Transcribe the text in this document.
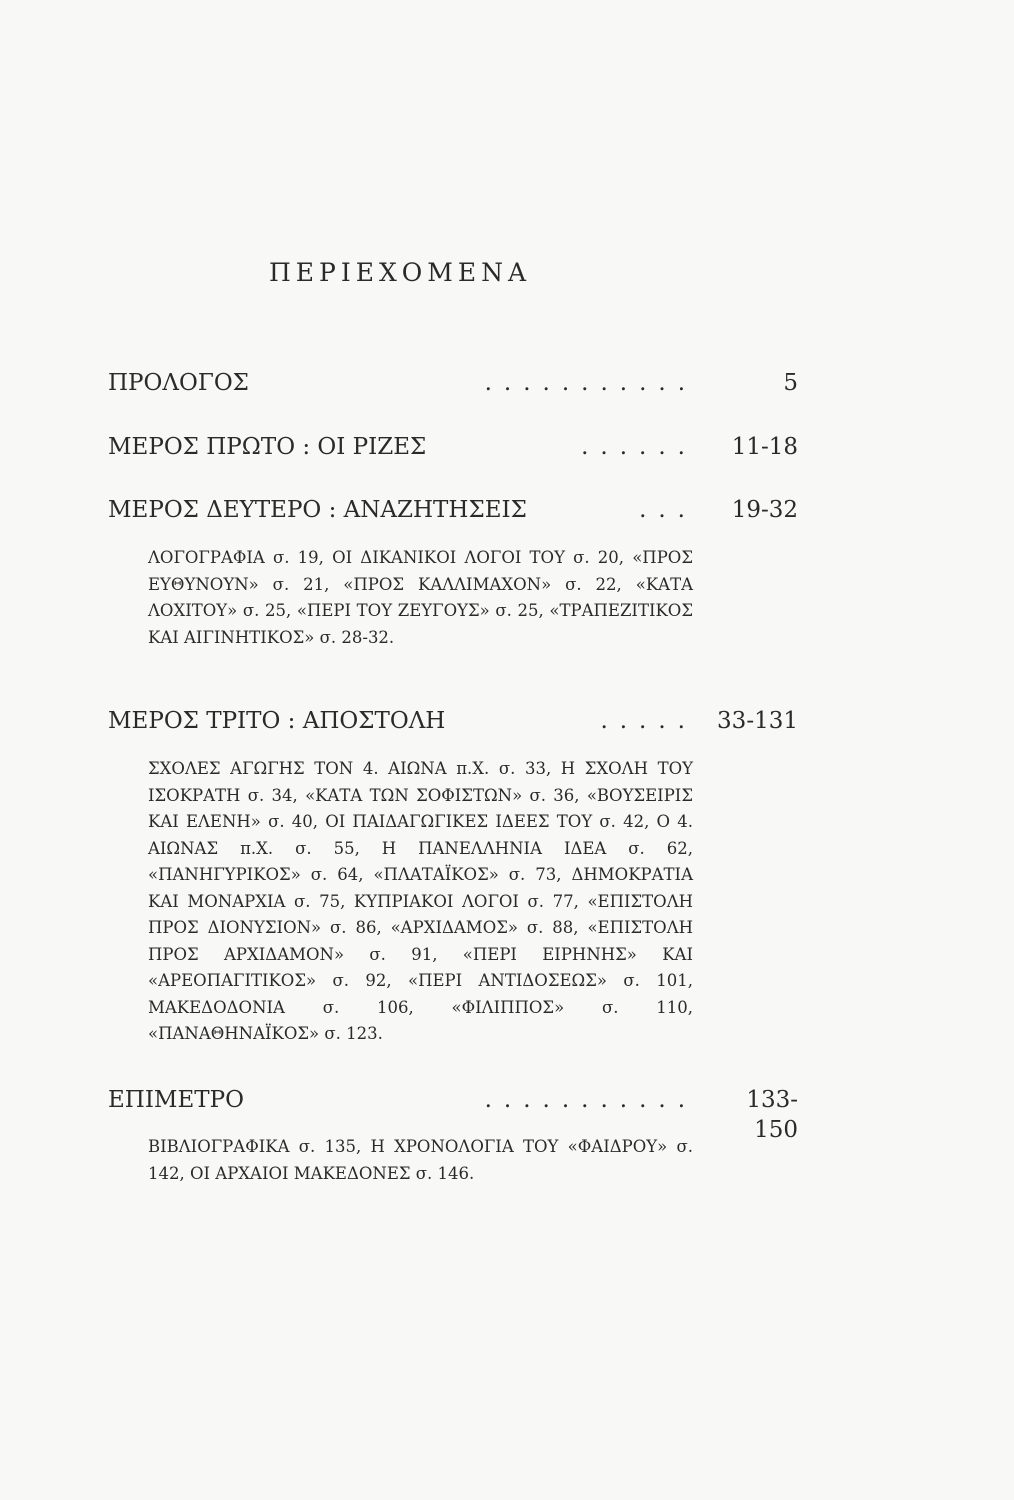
ΠΕΡΙΕΧΟΜΕΝΑ
ΠΡΟΛΟΓΟΣ	...........	5
ΜΕΡΟΣ ΠΡΩΤΟ : ΟΙ ΡΙΖΕΣ	......	11-18
ΜΕΡΟΣ ΔΕΥΤΕΡΟ : ΑΝΑΖΗΤΗΣΕΙΣ	...	19-32

ΛΟΓΟΓΡΑΦΙΑ σ. 19, ΟΙ ΔΙΚΑΝΙΚΟΙ ΛΟΓΟΙ ΤΟΥ σ. 20, «ΠΡΟΣ ΕΥΘΥΝΟΥΝ» σ. 21, «ΠΡΟΣ ΚΑΛΛΙΜΑΧΟΝ» σ. 22, «ΚΑΤΑ ΛΟΧΙΤΟΥ» σ. 25, «ΠΕΡΙ ΤΟΥ ΖΕΥΓΟΥΣ» σ. 25, «ΤΡΑΠΕΖΙΤΙΚΟΣ ΚΑΙ ΑΙΓΙΝΗΤΙΚΟΣ» σ. 28-32.

ΜΕΡΟΣ ΤΡΙΤΟ : ΑΠΟΣΤΟΛΗ	..... 33-131

ΣΧΟΛΕΣ ΑΓΩΓΗΣ ΤΟΝ 4. ΑΙΩΝΑ π.Χ. σ. 33, Η ΣΧΟΛΗ ΤΟΥ ΙΣΟΚΡΑΤΗ σ. 34, «ΚΑΤΑ ΤΩΝ ΣΟΦΙΣΤΩΝ» σ. 36, «ΒΟΥΣΕΙΡΙΣ ΚΑΙ ΕΛΕΝΗ» σ. 40, ΟΙ ΠΑΙΔΑΓΩΓΙΚΕΣ ΙΔΕΕΣ ΤΟΥ σ. 42, Ο 4. ΑΙΩΝΑΣ π.Χ. σ. 55, Η ΠΑΝΕΛΛΗΝΙΑ ΙΔΕΑ σ. 62, «ΠΑΝΗΓΥΡΙΚΟΣ» σ. 64, «ΠΛΑΤΑΪΚΟΣ» σ. 73, ΔΗΜΟΚΡΑΤΙΑ ΚΑΙ ΜΟΝΑΡΧΙΑ σ. 75, ΚΥΠΡΙΑΚΟΙ ΛΟΓΟΙ σ. 77, «ΕΠΙΣΤΟΛΗ ΠΡΟΣ ΔΙΟΝΥΣΙΟΝ» σ. 86, «ΑΡΧΙΔΑΜΟΣ» σ. 88, «ΕΠΙΣΤΟΛΗ ΠΡΟΣ ΑΡΧΙΔΑΜΟΝ» σ. 91, «ΠΕΡΙ ΕΙΡΗΝΗΣ» ΚΑΙ «ΑΡΕΟΠΑΓΙΤΙΚΟΣ» σ. 92, «ΠΕΡΙ ΑΝΤΙΔΟΣΕΩΣ» σ. 101, ΜΑΚΕΔΟΔΟΝΙΑ σ. 106, «ΦΙΛΙΠΠΟΣ» σ. 110, «ΠΑΝΑΘΗΝΑΪΚΟΣ» σ. 123.

ΕΠΙΜΕΤΡΟ	...........	133-150

ΒΙΒΛΙΟΓΡΑΦΙΚΑ σ. 135, Η ΧΡΟΝΟΛΟΓΙΑ ΤΟΥ «ΦΑΙΔΡΟΥ» σ. 142, ΟΙ ΑΡΧΑΙΟΙ ΜΑΚΕΔΟΝΕΣ σ. 146.
